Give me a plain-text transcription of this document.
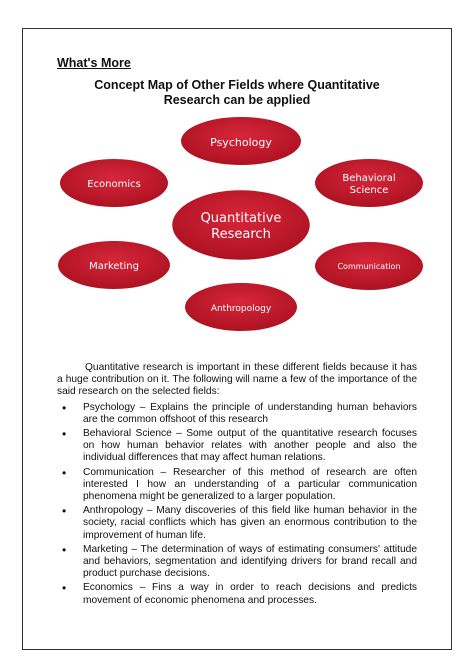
What's More
Concept Map of Other Fields where Quantitative Research can be applied
Psychology
Behavioral
Science
Economics
Marketing	Communication
Anthropology
Quantitative
Research

Quantitative research is important in these different fields because it has a huge contribution on it. The following will name a few of the importance of the said research on the selected fields:

• Psychology – Explains the principle of understanding human behaviors are the common offshoot of this research
• Behavioral Science – Some output of the quantitative research focuses on how human behavior relates with another people and also the individual differences that may affect human relations.
• Communication – Researcher of this method of research are often interested I how an understanding of a particular communication phenomena might be generalized to a larger population.
• Anthropology – Many discoveries of this field like human behavior in the society, racial conflicts which has given an enormous contribution to the improvement of human life.
• Marketing – The determination of ways of estimating consumers' attitude and behaviors, segmentation and identifying drivers for brand recall and product purchase decisions.
• Economics – Fins a way in order to reach decisions and predicts movement of economic phenomena and processes.
